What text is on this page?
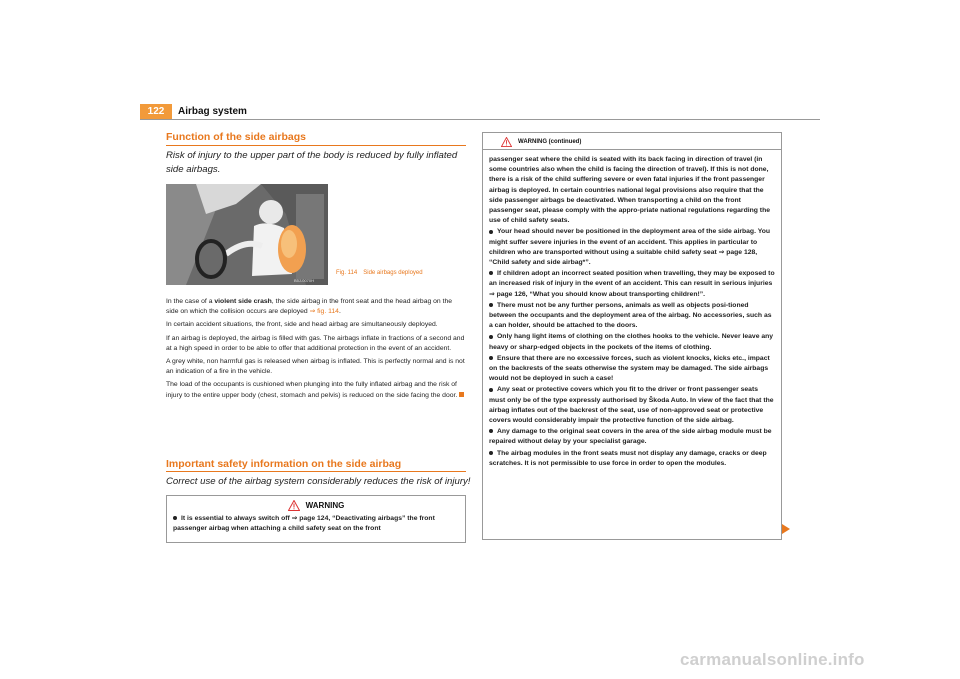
122	Airbag system
Function of the side airbags
Risk of injury to the upper part of the body is reduced by fully inflated side airbags.
B5J-0070H
Fig. 114 Side airbags deployed

In the case of a violent side crash, the side airbag in the front seat and the head airbag on the side on which the collision occurs are deployed ⇒ fig. 114.

In certain accident situations, the front, side and head airbag are simultaneously deployed.

If an airbag is deployed, the airbag is filled with gas. The airbags inflate in fractions of a second and at a high speed in order to be able to offer that additional protection in the event of an accident.

A grey white, non harmful gas is released when airbag is inflated. This is perfectly normal and is not an indication of a fire in the vehicle.

The load of the occupants is cushioned when plunging into the fully inflated airbag and the risk of injury to the entire upper body (chest, stomach and pelvis) is reduced on the side facing the door.

Important safety information on the side airbag
Correct use of the airbag system considerably reduces the risk of injury!
WARNING

It is essential to always switch off ⇒ page 124, “Deactivating airbags” the front passenger airbag when attaching a child safety seat on the front

WARNING (continued)

passenger seat where the child is seated with its back facing in direction of travel (in some countries also when the child is facing the direction of travel). If this is not done, there is a risk of the child suffering severe or even fatal injuries if the front passenger airbag is deployed. In certain countries national legal provisions also require that the side passenger airbags be deactivated. When transporting a child on the front passenger seat, please comply with the appro-priate national regulations regarding the use of child safety seats.

Your head should never be positioned in the deployment area of the side airbag. You might suffer severe injuries in the event of an accident. This applies in particular to children who are transported without using a suitable child safety seat ⇒ page 128, “Child safety and side airbag*”.

If children adopt an incorrect seated position when travelling, they may be exposed to an increased risk of injury in the event of an accident. This can result in serious injuries ⇒ page 126, “What you should know about transporting children!”.

There must not be any further persons, animals as well as objects posi-tioned between the occupants and the deployment area of the airbag. No accessories, such as a can holder, should be attached to the doors.

Only hang light items of clothing on the clothes hooks to the vehicle. Never leave any heavy or sharp-edged objects in the pockets of the items of clothing.

Ensure that there are no excessive forces, such as violent knocks, kicks etc., impact on the backrests of the seats otherwise the system may be damaged. The side airbags would not be deployed in such a case!

Any seat or protective covers which you fit to the driver or front passenger seats must only be of the type expressly authorised by Škoda Auto. In view of the fact that the airbag inflates out of the backrest of the seat, use of non-approved seat or protective covers would considerably impair the protective function of the side airbag.

Any damage to the original seat covers in the area of the side airbag module must be repaired without delay by your specialist garage.

The airbag modules in the front seats must not display any damage, cracks or deep scratches. It is not permissible to use force in order to open the modules.

carmanualsonline.info
